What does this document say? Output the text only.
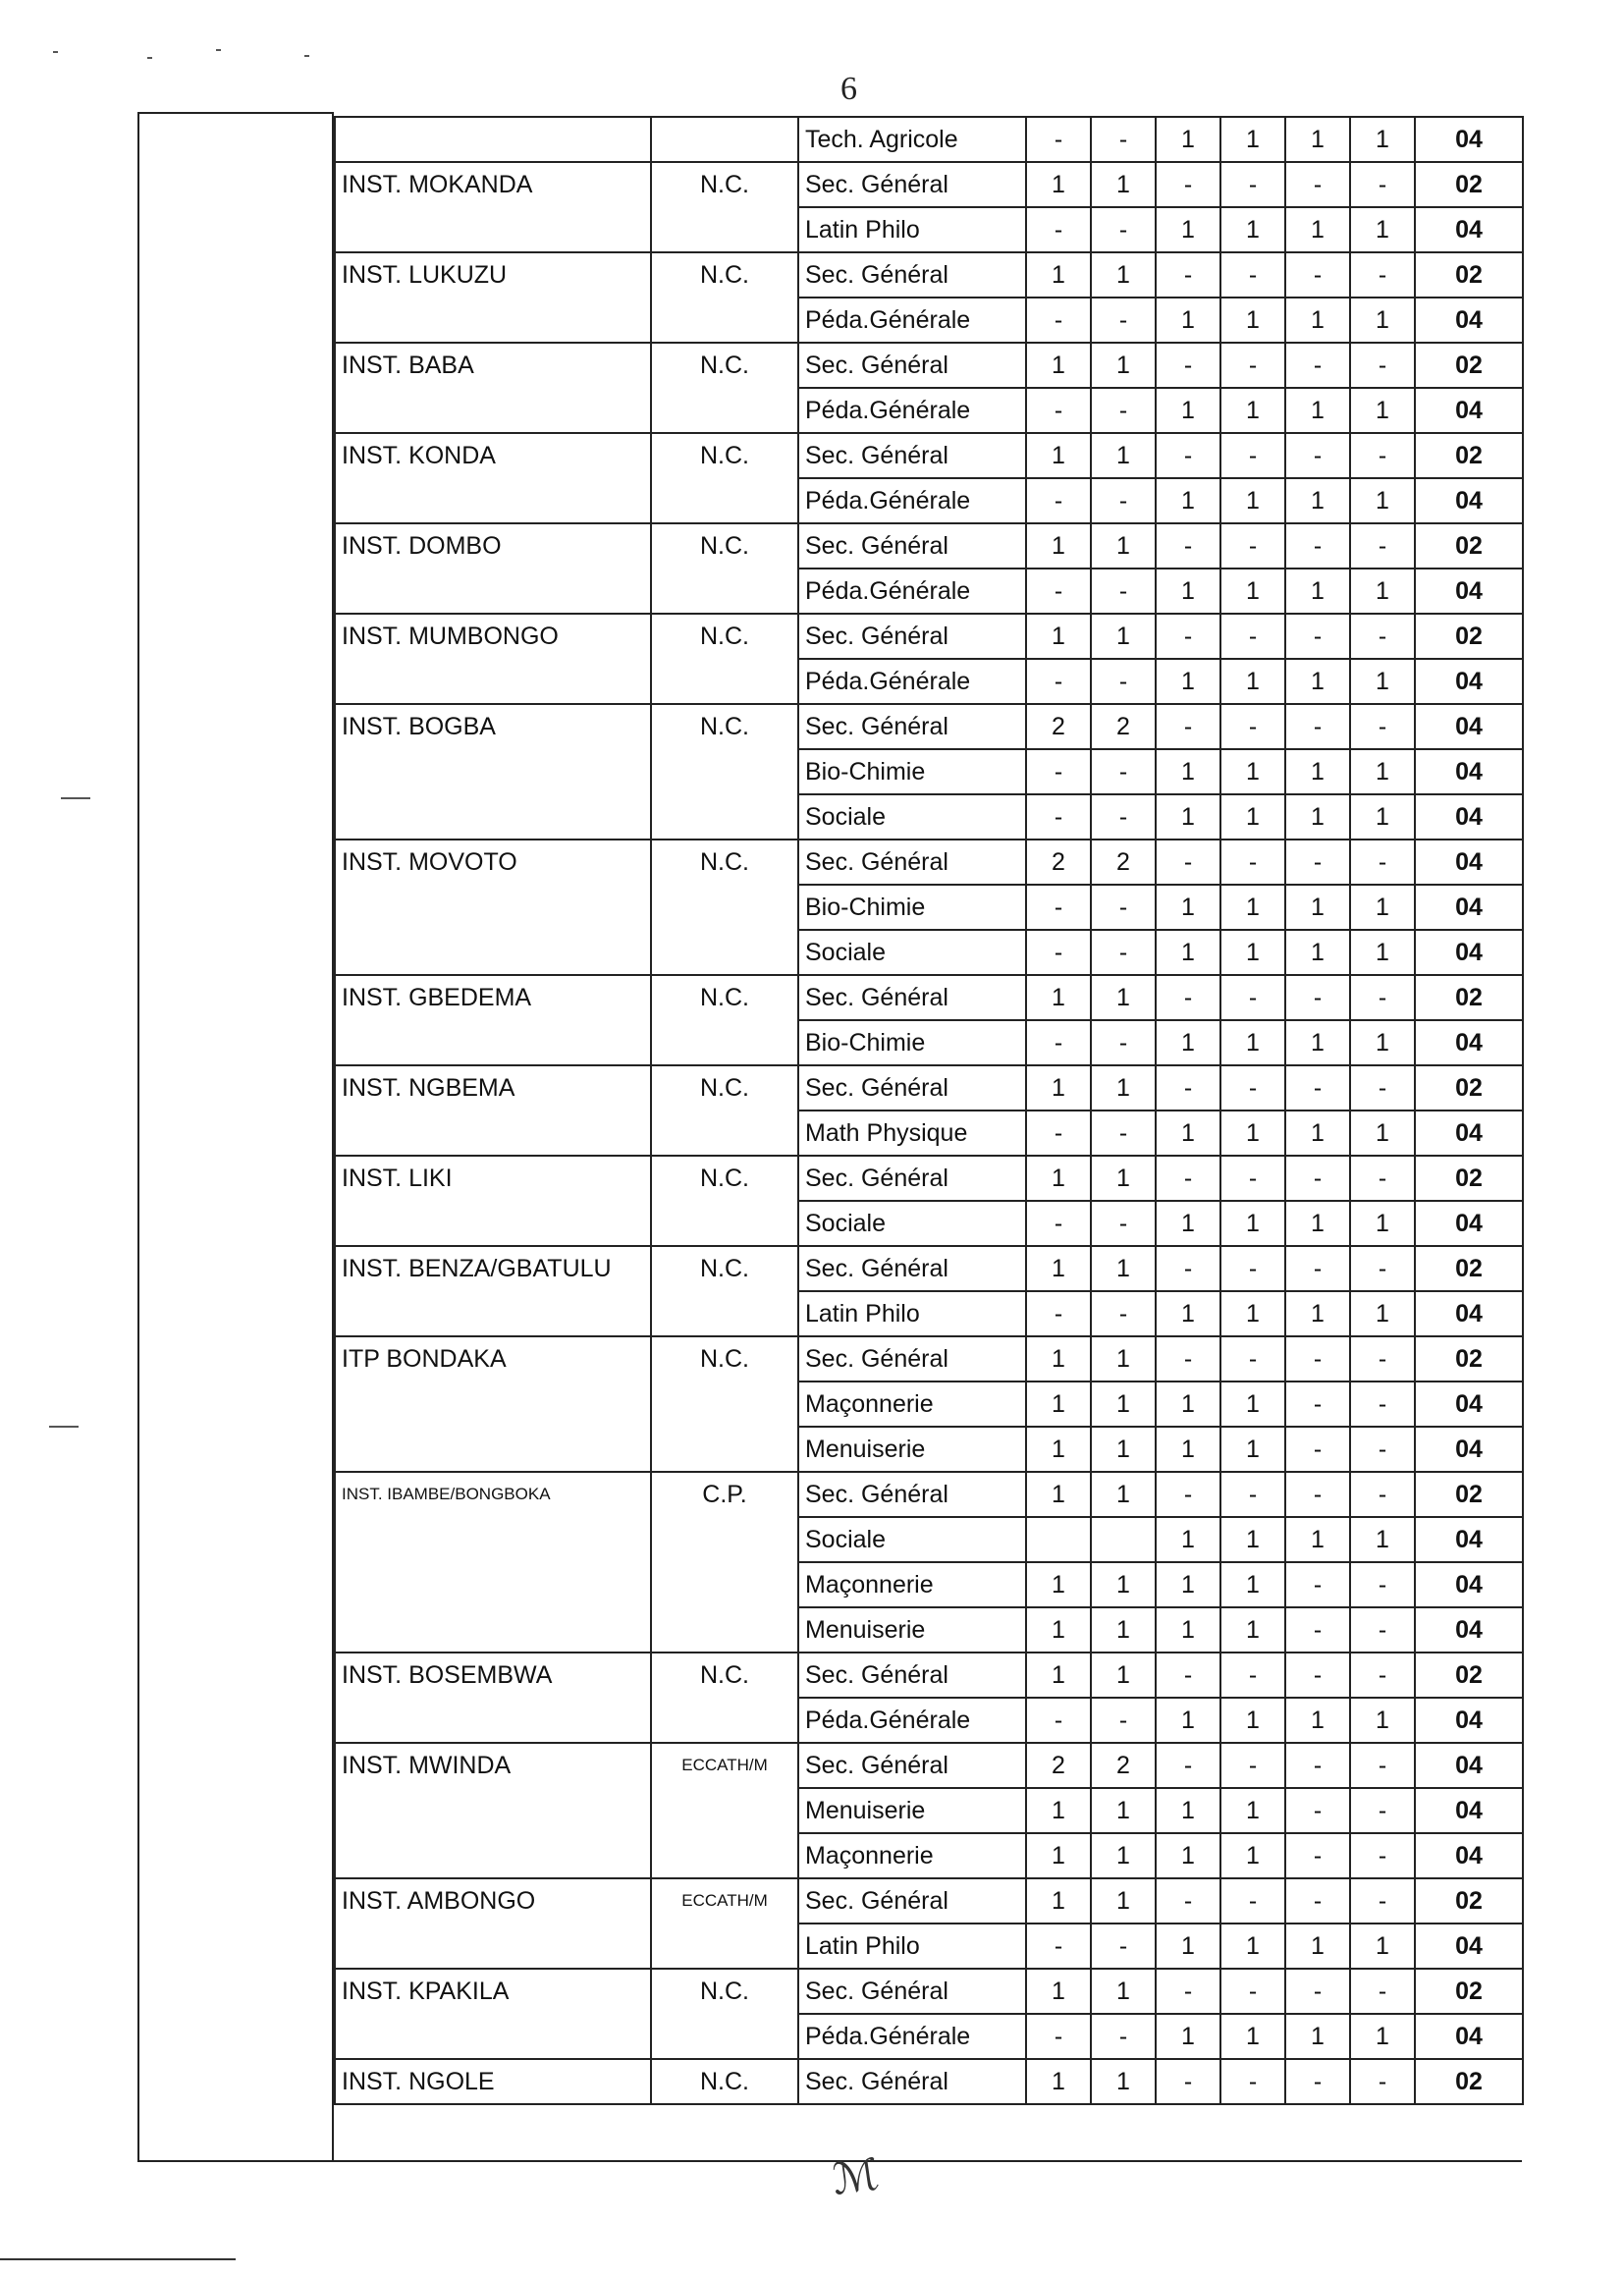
6
		Tech. Agricole	-	-	1	1	1	1	04
INST. MOKANDA	N.C.	Sec. Général	1	1	-	-	-	-	02
		Latin Philo	-	-	1	1	1	1	04
INST. LUKUZU	N.C.	Sec. Général	1	1	-	-	-	-	02
		Péda.Générale	-	-	1	1	1	1	04
INST. BABA	N.C.	Sec. Général	1	1	-	-	-	-	02
		Péda.Générale	-	-	1	1	1	1	04
INST. KONDA	N.C.	Sec. Général	1	1	-	-	-	-	02
		Péda.Générale	-	-	1	1	1	1	04
INST. DOMBO	N.C.	Sec. Général	1	1	-	-	-	-	02
		Péda.Générale	-	-	1	1	1	1	04
INST. MUMBONGO	N.C.	Sec. Général	1	1	-	-	-	-	02
		Péda.Générale	-	-	1	1	1	1	04
INST. BOGBA	N.C.	Sec. Général	2	2	-	-	-	-	04
		Bio-Chimie	-	-	1	1	1	1	04
		Sociale	-	-	1	1	1	1	04
INST. MOVOTO	N.C.	Sec. Général	2	2	-	-	-	-	04
		Bio-Chimie	-	-	1	1	1	1	04
		Sociale	-	-	1	1	1	1	04
INST. GBEDEMA	N.C.	Sec. Général	1	1	-	-	-	-	02
		Bio-Chimie	-	-	1	1	1	1	04
INST. NGBEMA	N.C.	Sec. Général	1	1	-	-	-	-	02
		Math Physique	-	-	1	1	1	1	04
INST. LIKI	N.C.	Sec. Général	1	1	-	-	-	-	02
		Sociale	-	-	1	1	1	1	04
INST. BENZA/GBATULU	N.C.	Sec. Général	1	1	-	-	-	-	02
		Latin Philo	-	-	1	1	1	1	04
ITP BONDAKA	N.C.	Sec. Général	1	1	-	-	-	-	02
		Maçonnerie	1	1	1	1	-	-	04
		Menuiserie	1	1	1	1	-	-	04
INST. IBAMBE/BONGBOKA	C.P.	Sec. Général	1	1	-	-	-	-	02
		Sociale			1	1	1	1	04
		Maçonnerie	1	1	1	1	-	-	04
		Menuiserie	1	1	1	1	-	-	04
INST. BOSEMBWA	N.C.	Sec. Général	1	1	-	-	-	-	02
		Péda.Générale	-	-	1	1	1	1	04
INST. MWINDA	ECCATH/M	Sec. Général	2	2	-	-	-	-	04
		Menuiserie	1	1	1	1	-	-	04
		Maçonnerie	1	1	1	1	-	-	04
INST. AMBONGO	ECCATH/M	Sec. Général	1	1	-	-	-	-	02
		Latin Philo	-	-	1	1	1	1	04
INST. KPAKILA	N.C.	Sec. Général	1	1	-	-	-	-	02
		Péda.Générale	-	-	1	1	1	1	04
INST. NGOLE	N.C.	Sec. Général	1	1	-	-	-	-	02
ℳ
